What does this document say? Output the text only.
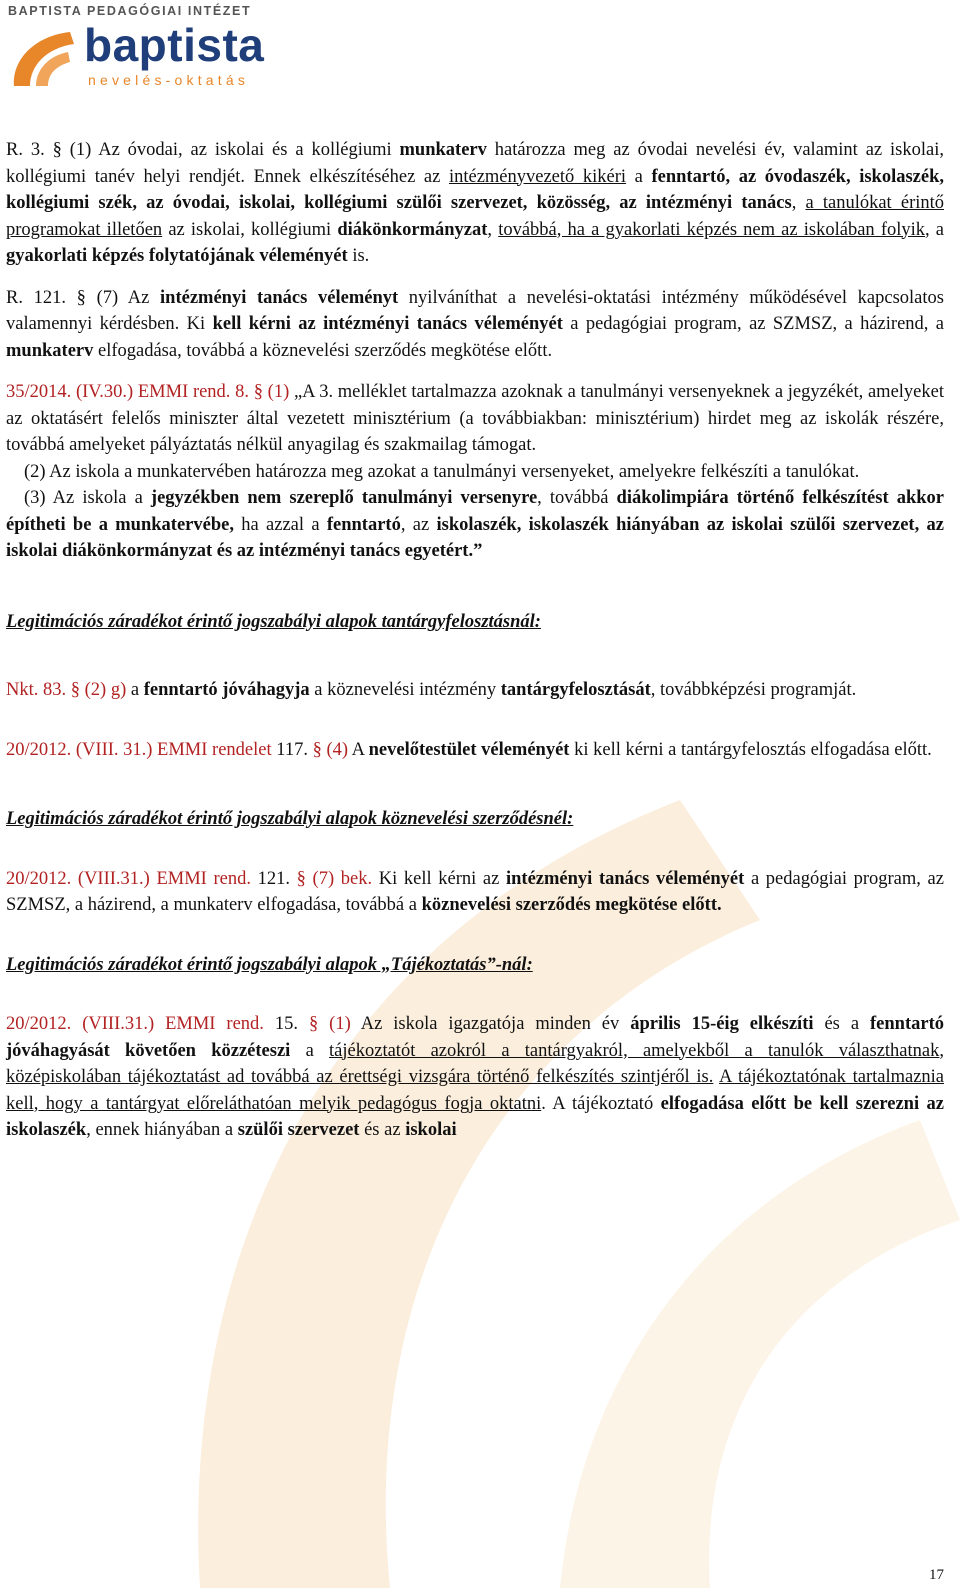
BAPTISTA PEDAGÓGIAI INTÉZET
baptista
nevelés-oktatás

R. 3. § (1) Az óvodai, az iskolai és a kollégiumi munkaterv határozza meg az óvodai nevelési év, valamint az iskolai, kollégiumi tanév helyi rendjét. Ennek elkészítéséhez az intézményvezető kikéri a fenntartó, az óvodaszék, iskolaszék, kollégiumi szék, az óvodai, iskolai, kollégiumi szülői szervezet, közösség, az intézményi tanács, a tanulókat érintő programokat illetően az iskolai, kollégiumi diákönkormányzat, továbbá, ha a gyakorlati képzés nem az iskolában folyik, a gyakorlati képzés folytatójának véleményét is.

R. 121. § (7) Az intézményi tanács véleményt nyilváníthat a nevelési-oktatási intézmény működésével kapcsolatos valamennyi kérdésben. Ki kell kérni az intézményi tanács véleményét a pedagógiai program, az SZMSZ, a házirend, a munkaterv elfogadása, továbbá a köznevelési szerződés megkötése előtt.

35/2014. (IV.30.) EMMI rend. 8. § (1) „A 3. melléklet tartalmazza azoknak a tanulmányi versenyeknek a jegyzékét, amelyeket az oktatásért felelős miniszter által vezetett minisztérium (a továbbiakban: minisztérium) hirdet meg az iskolák részére, továbbá amelyeket pályáztatás nélkül anyagilag és szakmailag támogat.

(2) Az iskola a munkatervében határozza meg azokat a tanulmányi versenyeket, amelyekre felkészíti a tanulókat.

(3) Az iskola a jegyzékben nem szereplő tanulmányi versenyre, továbbá diákolimpiára történő felkészítést akkor építheti be a munkatervébe, ha azzal a fenntartó, az iskolaszék, iskolaszék hiányában az iskolai szülői szervezet, az iskolai diákönkormányzat és az intézményi tanács egyetért.”

Legitimációs záradékot érintő jogszabályi alapok tantárgyfelosztásnál:

Nkt. 83. § (2) g) a fenntartó jóváhagyja a köznevelési intézmény tantárgyfelosztását, továbbképzési programját.

20/2012. (VIII. 31.) EMMI rendelet 117. § (4) A nevelőtestület véleményét ki kell kérni a tantárgyfelosztás elfogadása előtt.

Legitimációs záradékot érintő jogszabályi alapok köznevelési szerződésnél:

20/2012. (VIII.31.) EMMI rend. 121. § (7) bek. Ki kell kérni az intézményi tanács véleményét a pedagógiai program, az SZMSZ, a házirend, a munkaterv elfogadása, továbbá a köznevelési szerződés megkötése előtt.

Legitimációs záradékot érintő jogszabályi alapok „Tájékoztatás”-nál:

20/2012. (VIII.31.) EMMI rend. 15. § (1) Az iskola igazgatója minden év április 15-éig elkészíti és a fenntartó jóváhagyását követően közzéteszi a tájékoztatót azokról a tantárgyakról, amelyekből a tanulók választhatnak, középiskolában tájékoztatást ad továbbá az érettségi vizsgára történő felkészítés szintjéről is. A tájékoztatónak tartalmaznia kell, hogy a tantárgyat előreláthatóan melyik pedagógus fogja oktatni. A tájékoztató elfogadása előtt be kell szerezni az iskolaszék, ennek hiányában a szülői szervezet és az iskolai

17
